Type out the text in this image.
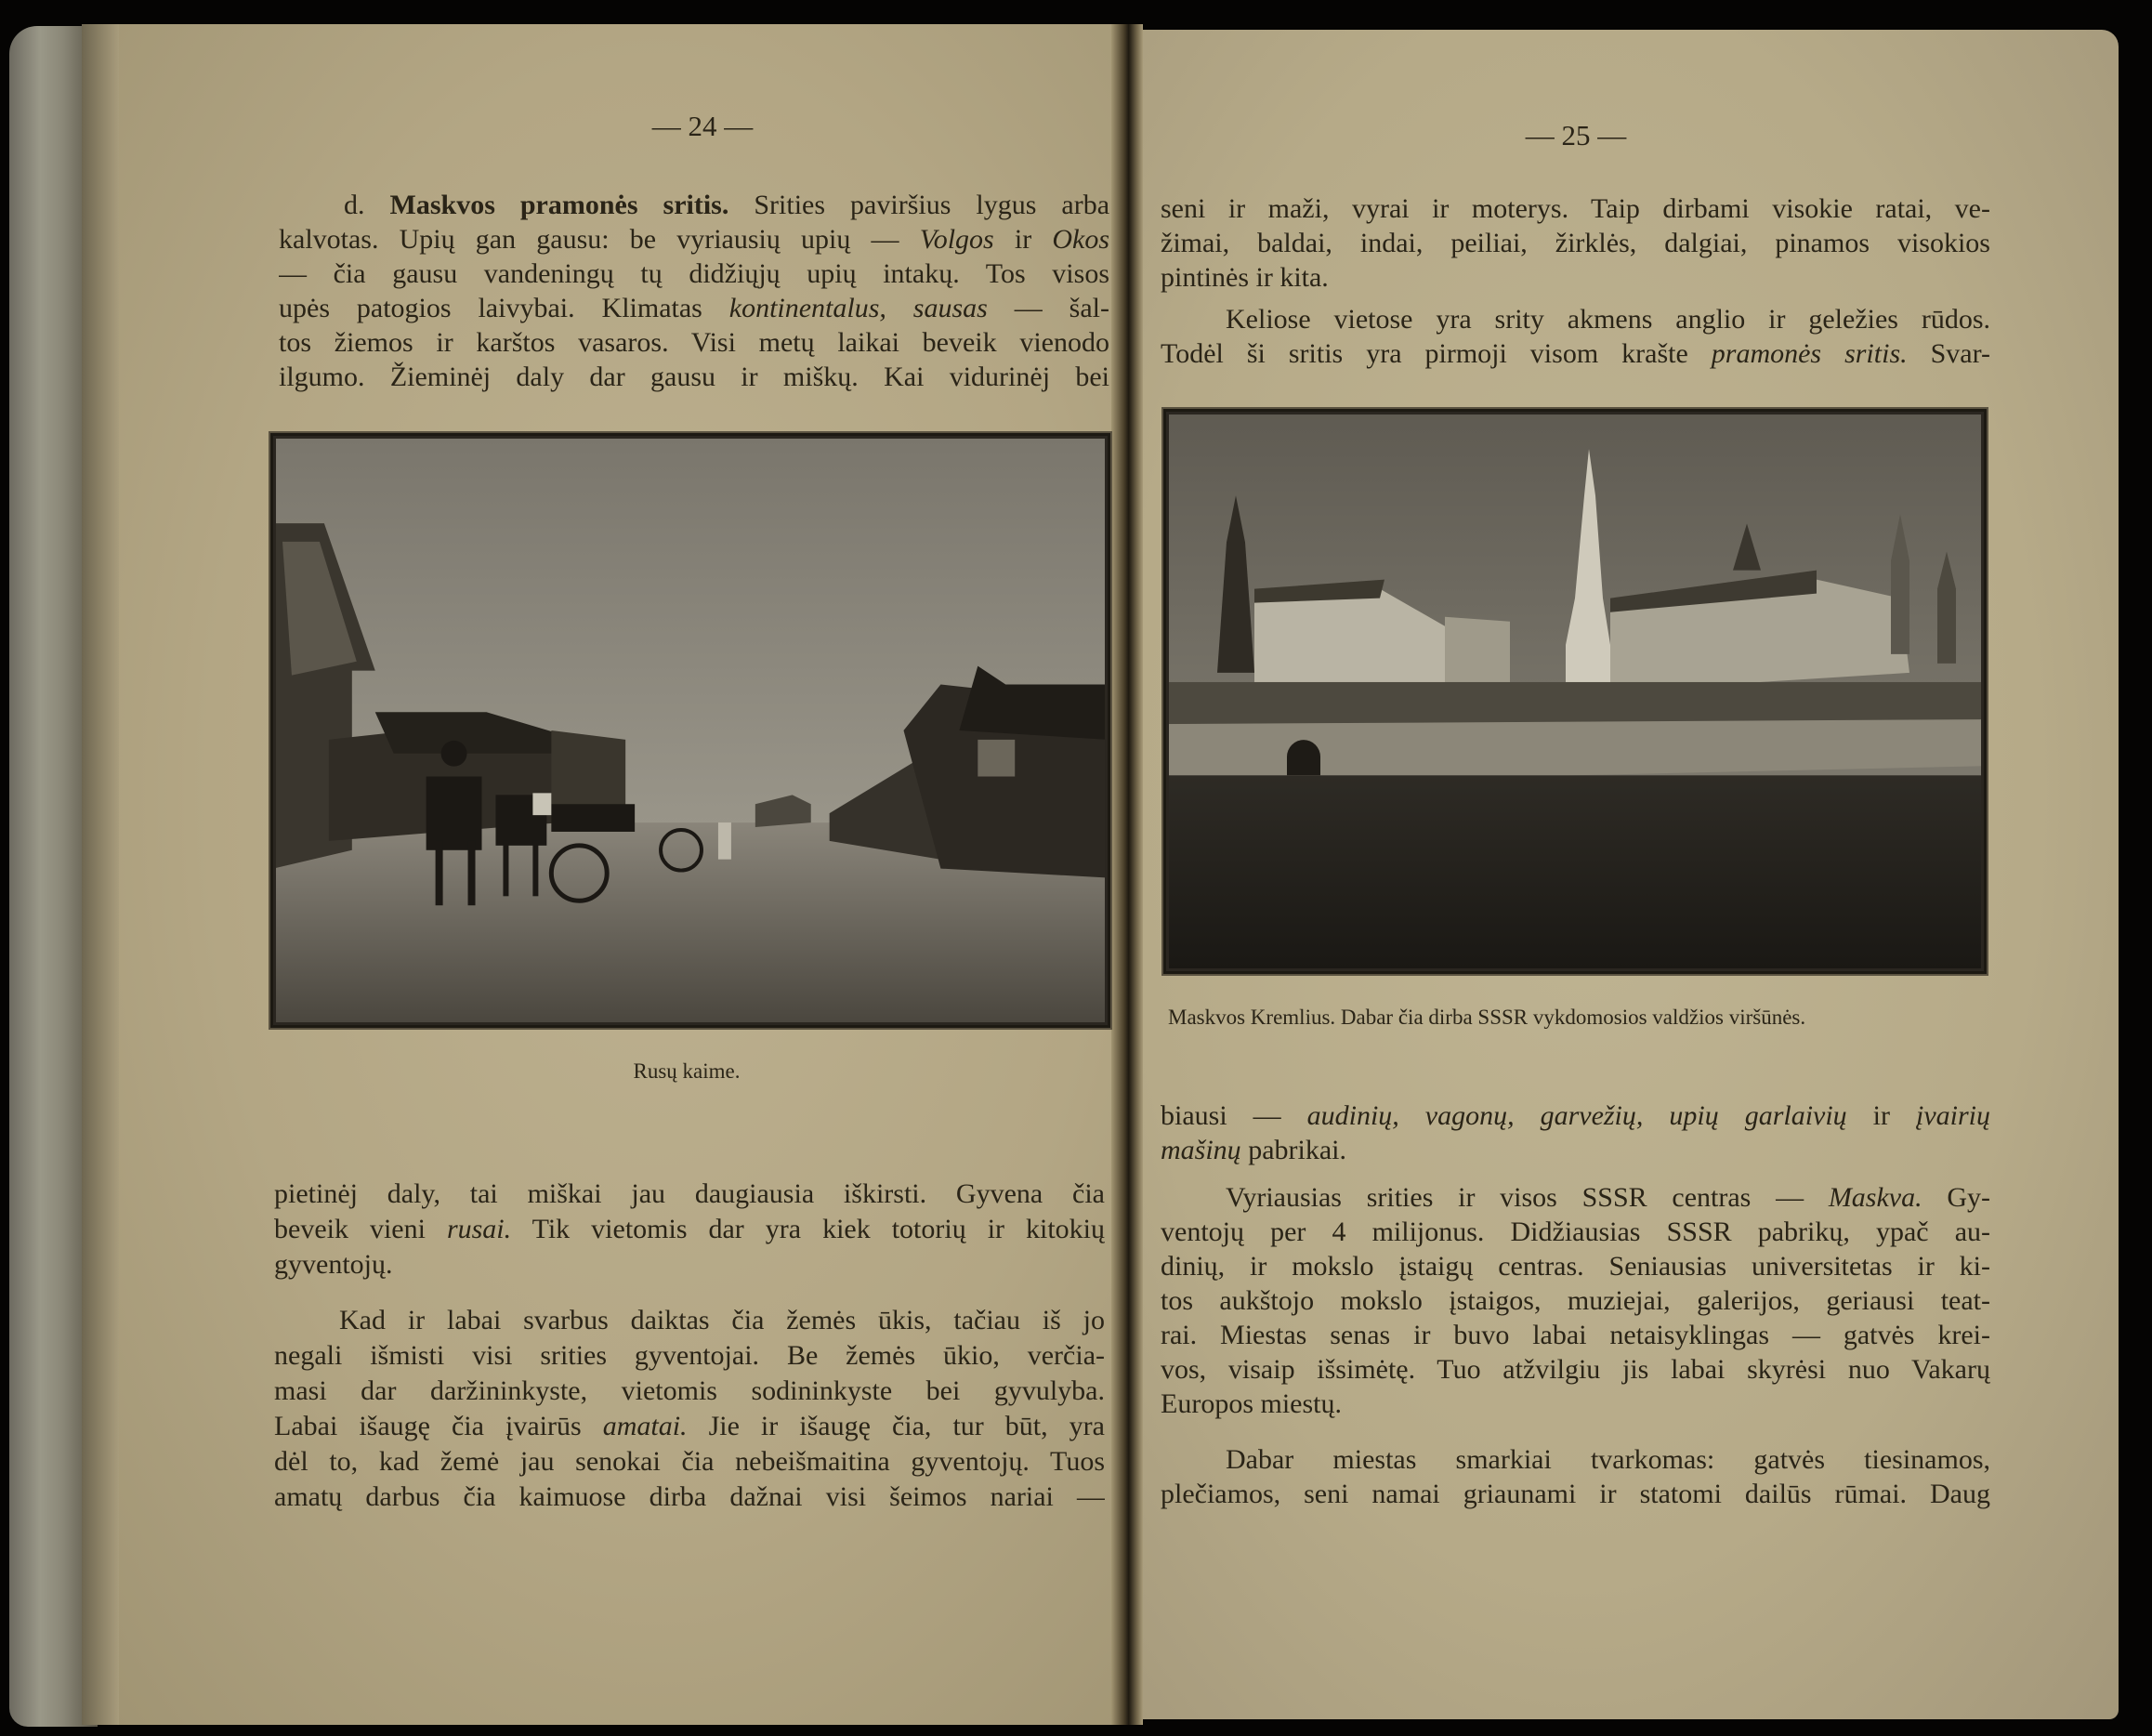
— 24 —
d. Maskvos pramonės sritis. Srities paviršius lygus arba
kalvotas. Upių gan gausu: be vyriausių upių — Volgos ir Okos
— čia gausu vandeningų tų didžiųjų upių intakų. Tos visos
upės patogios laivybai. Klimatas kontinentalus, sausas — šal-
tos žiemos ir karštos vasaros. Visi metų laikai beveik vienodo
ilgumo. Žieminėj daly dar gausu ir miškų. Kai vidurinėj bei
Rusų kaime.
pietinėj daly, tai miškai jau daugiausia iškirsti. Gyvena čia
beveik vieni rusai. Tik vietomis dar yra kiek totorių ir kitokių
gyventojų.
Kad ir labai svarbus daiktas čia žemės ūkis, tačiau iš jo
negali išmisti visi srities gyventojai. Be žemės ūkio, verčia-
masi dar daržininkyste, vietomis sodininkyste bei gyvulyba.
Labai išaugę čia įvairūs amatai. Jie ir išaugę čia, tur būt, yra
dėl to, kad žemė jau senokai čia nebeišmaitina gyventojų. Tuos
amatų darbus čia kaimuose dirba dažnai visi šeimos nariai —
— 25 —
seni ir maži, vyrai ir moterys. Taip dirbami visokie ratai, ve-
žimai, baldai, indai, peiliai, žirklės, dalgiai, pinamos visokios
pintinės ir kita.
Keliose vietose yra srity akmens anglio ir geležies rūdos.
Todėl ši sritis yra pirmoji visom krašte pramonės sritis. Svar-
Maskvos Kremlius. Dabar čia dirba SSSR vykdomosios valdžios viršūnės.
biausi — audinių, vagonų, garvežių, upių garlaivių ir įvairių
mašinų pabrikai.
Vyriausias srities ir visos SSSR centras — Maskva. Gy-
ventojų per 4 milijonus. Didžiausias SSSR pabrikų, ypač au-
dinių, ir mokslo įstaigų centras. Seniausias universitetas ir ki-
tos aukštojo mokslo įstaigos, muziejai, galerijos, geriausi teat-
rai. Miestas senas ir buvo labai netaisyklingas — gatvės krei-
vos, visaip išsimėtę. Tuo atžvilgiu jis labai skyrėsi nuo Vakarų
Europos miestų.
Dabar miestas smarkiai tvarkomas: gatvės tiesinamos,
plečiamos, seni namai griaunami ir statomi dailūs rūmai. Daug
